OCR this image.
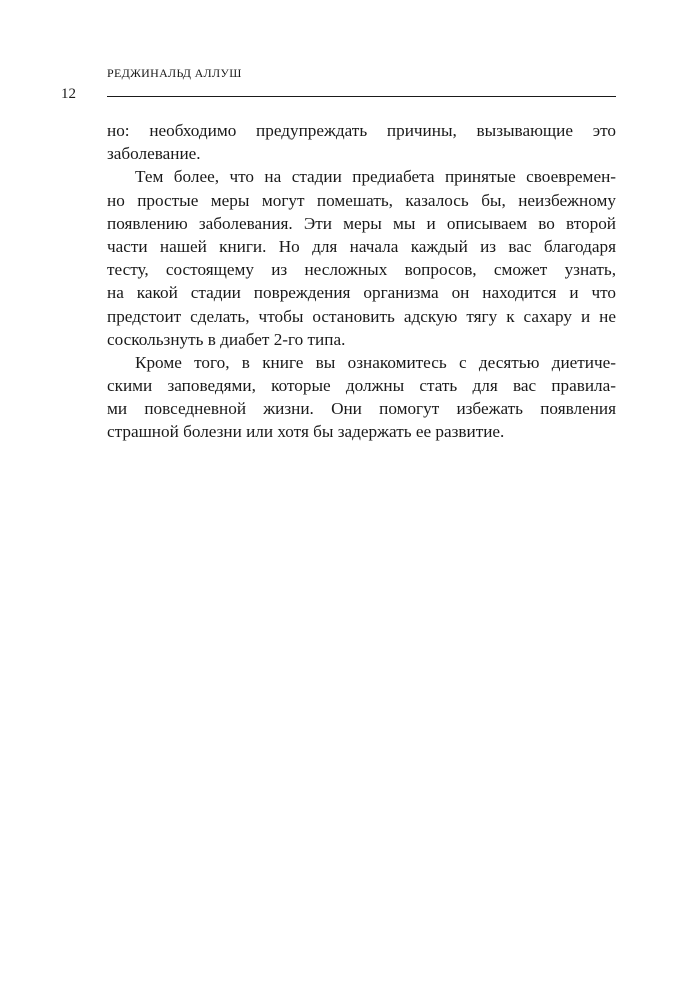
РЕДЖИНАЛЬД АЛЛУШ
12
но: необходимо предупреждать причины, вызывающие это
заболевание.
Тем более, что на стадии предиабета принятые своевремен-
но простые меры могут помешать, казалось бы, неизбежному
появлению заболевания. Эти меры мы и описываем во второй
части нашей книги. Но для начала каждый из вас благодаря
тесту, состоящему из несложных вопросов, сможет узнать,
на какой стадии повреждения организма он находится и что
предстоит сделать, чтобы остановить адскую тягу к сахару и не
соскользнуть в диабет 2-го типа.
Кроме того, в книге вы ознакомитесь с десятью диетиче-
скими заповедями, которые должны стать для вас правила-
ми повседневной жизни. Они помогут избежать появления
страшной болезни или хотя бы задержать ее развитие.
